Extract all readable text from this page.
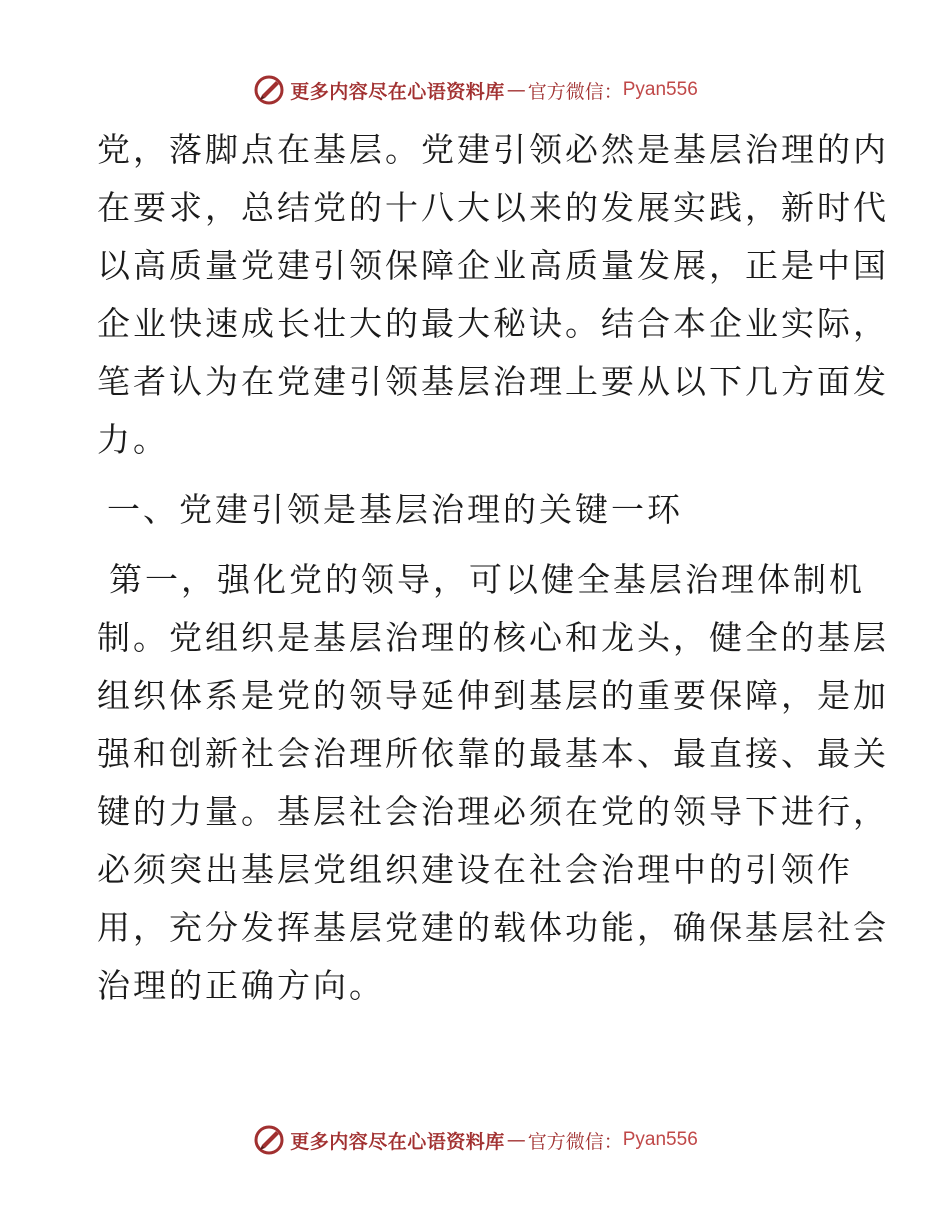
更多内容尽在心语资料库 — 官方微信： Pyan556
党，落脚点在基层。党建引领必然是基层治理的内
在要求，总结党的十八大以来的发展实践，新时代
以高质量党建引领保障企业高质量发展，正是中国
企业快速成长壮大的最大秘诀。结合本企业实际，
笔者认为在党建引领基层治理上要从以下几方面发
力。
一、党建引领是基层治理的关键一环
第一，强化党的领导，可以健全基层治理体制机
制。党组织是基层治理的核心和龙头，健全的基层
组织体系是党的领导延伸到基层的重要保障，是加
强和创新社会治理所依靠的最基本、最直接、最关
键的力量。基层社会治理必须在党的领导下进行，
必须突出基层党组织建设在社会治理中的引领作
用，充分发挥基层党建的载体功能，确保基层社会
治理的正确方向。
更多内容尽在心语资料库 — 官方微信： Pyan556
